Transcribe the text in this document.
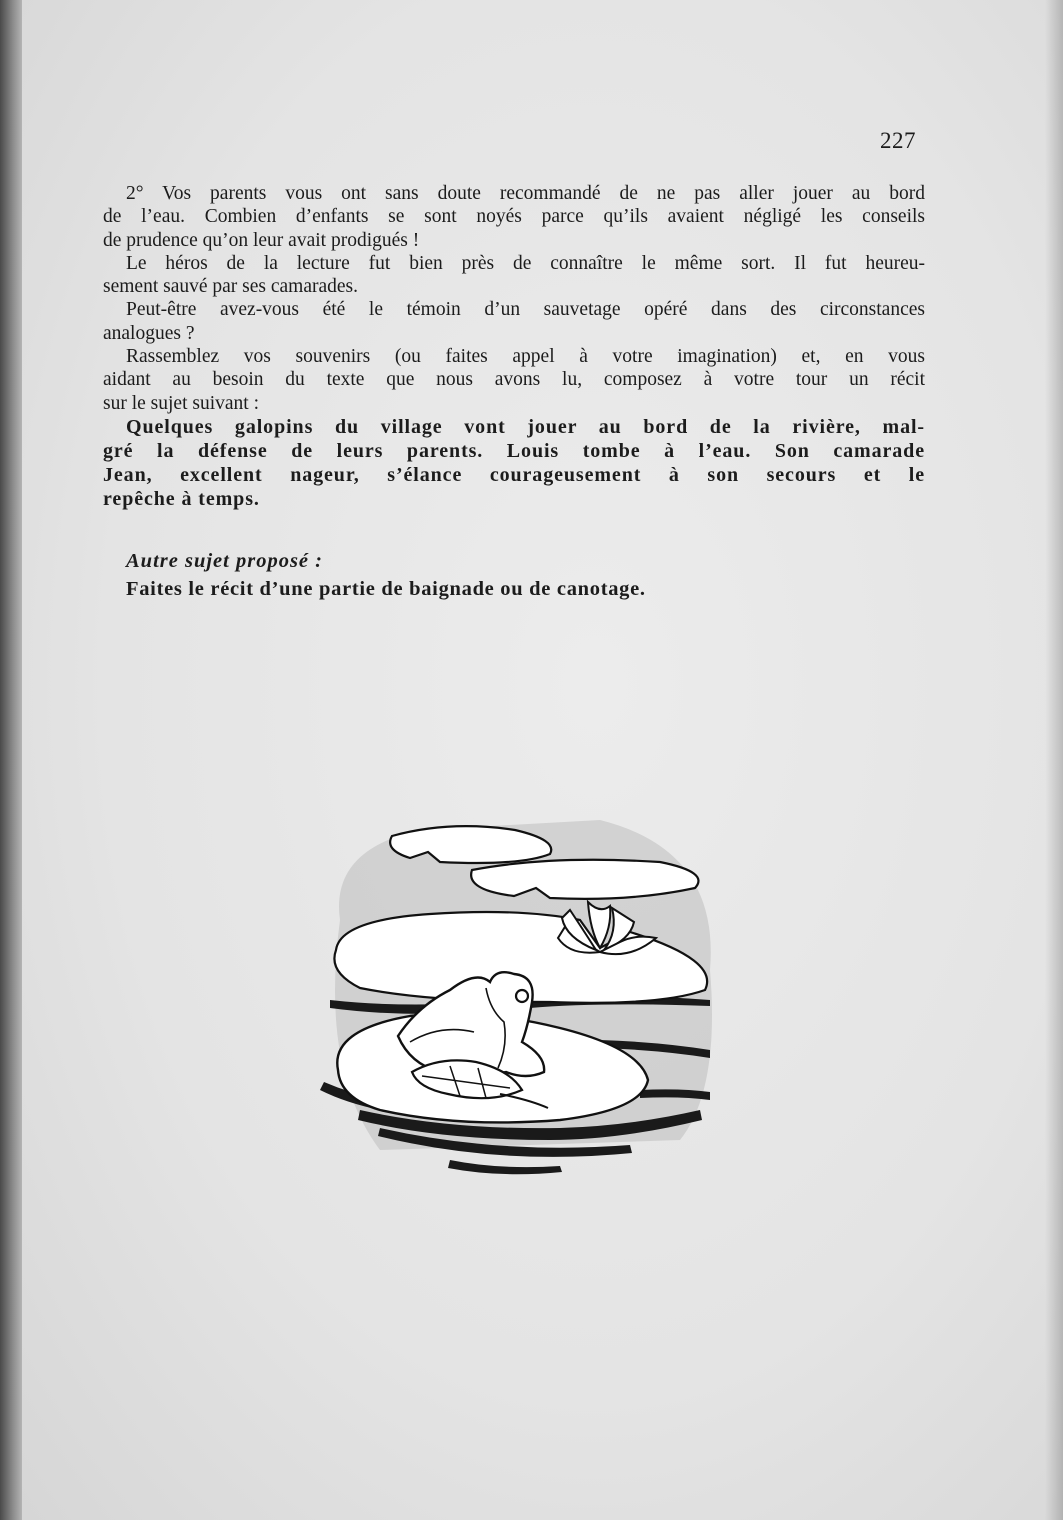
227

2° Vos parents vous ont sans doute recommandé de ne pas aller jouer au bord

de l’eau. Combien d’enfants se sont noyés parce qu’ils avaient négligé les conseils

de prudence qu’on leur avait prodigués !

Le héros de la lecture fut bien près de connaître le même sort. Il fut heureu-

sement sauvé par ses camarades.

Peut-être avez-vous été le témoin d’un sauvetage opéré dans des circonstances

analogues ?

Rassemblez vos souvenirs (ou faites appel à votre imagination) et, en vous

aidant au besoin du texte que nous avons lu, composez à votre tour un récit

sur le sujet suivant :

Quelques galopins du village vont jouer au bord de la rivière, mal-

gré la défense de leurs parents. Louis tombe à l’eau. Son camarade

Jean, excellent nageur, s’élance courageusement à son secours et le

repêche à temps.

Autre sujet proposé :
Faites le récit d’une partie de baignade ou de canotage.
